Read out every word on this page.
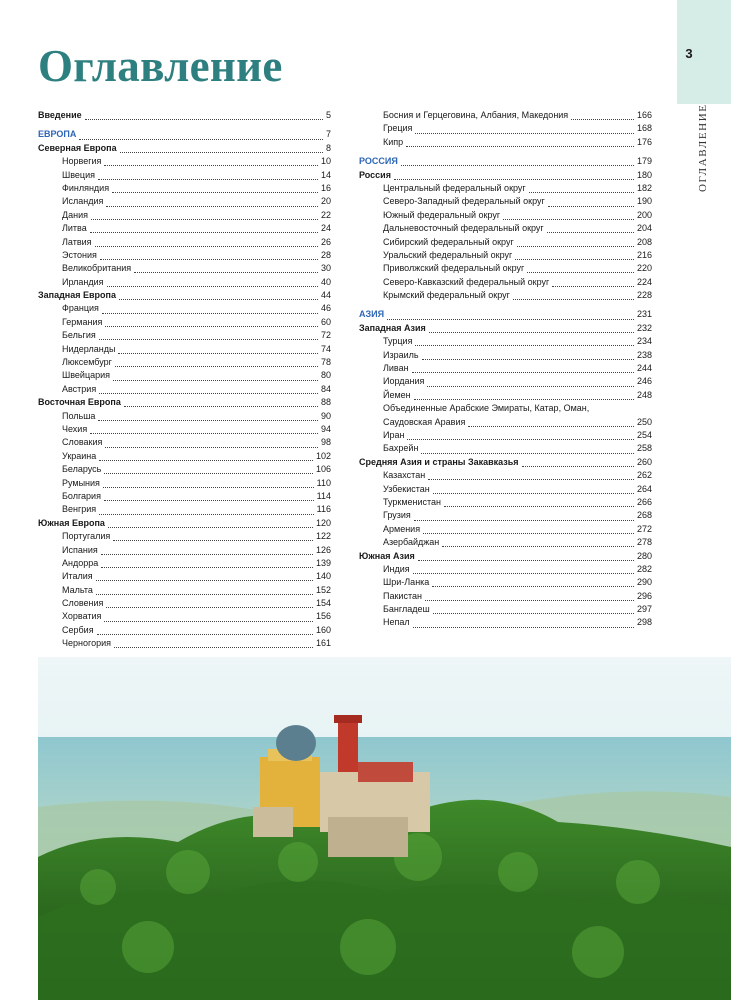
3
ОГЛАВЛЕНИЕ
Оглавление
Введение	5
ЕВРОПА	7
Северная Европа	8
Норвегия	10
Швеция	14
Финляндия	16
Исландия	20
Дания	22
Литва	24
Латвия	26
Эстония	28
Великобритания	30
Ирландия	40
Западная Европа	44
Франция	46
Германия	60
Бельгия	72
Нидерланды	74
Люксембург	78
Швейцария	80
Австрия	84
Восточная Европа	88
Польша	90
Чехия	94
Словакия	98
Украина	102
Беларусь	106
Румыния	110
Болгария	114
Венгрия	116
Южная Европа	120
Португалия	122
Испания	126
Андорра	139
Италия	140
Мальта	152
Словения	154
Хорватия	156
Сербия	160
Черногория	161
Босния и Герцеговина, Албания, Македония	166
Греция	168
Кипр	176
РОССИЯ	179
Россия	180
Центральный федеральный округ	182
Северо-Западный федеральный округ	190
Южный федеральный округ	200
Дальневосточный федеральный округ	204
Сибирский федеральный округ	208
Уральский федеральный округ	216
Приволжский федеральный округ	220
Северо-Кавказский федеральный округ	224
Крымский федеральный округ	228
АЗИЯ	231
Западная Азия	232
Турция	234
Израиль	238
Ливан	244
Иордания	246
Йемен	248
Объединенные Арабские Эмираты, Катар, Оман,
Саудовская Аравия	250
Иран	254
Бахрейн	258
Средняя Азия и страны Закавказья	260
Казахстан	262
Узбекистан	264
Туркменистан	266
Грузия	268
Армения	272
Азербайджан	278
Южная Азия	280
Индия	282
Шри-Ланка	290
Пакистан	296
Бангладеш	297
Непал	298
